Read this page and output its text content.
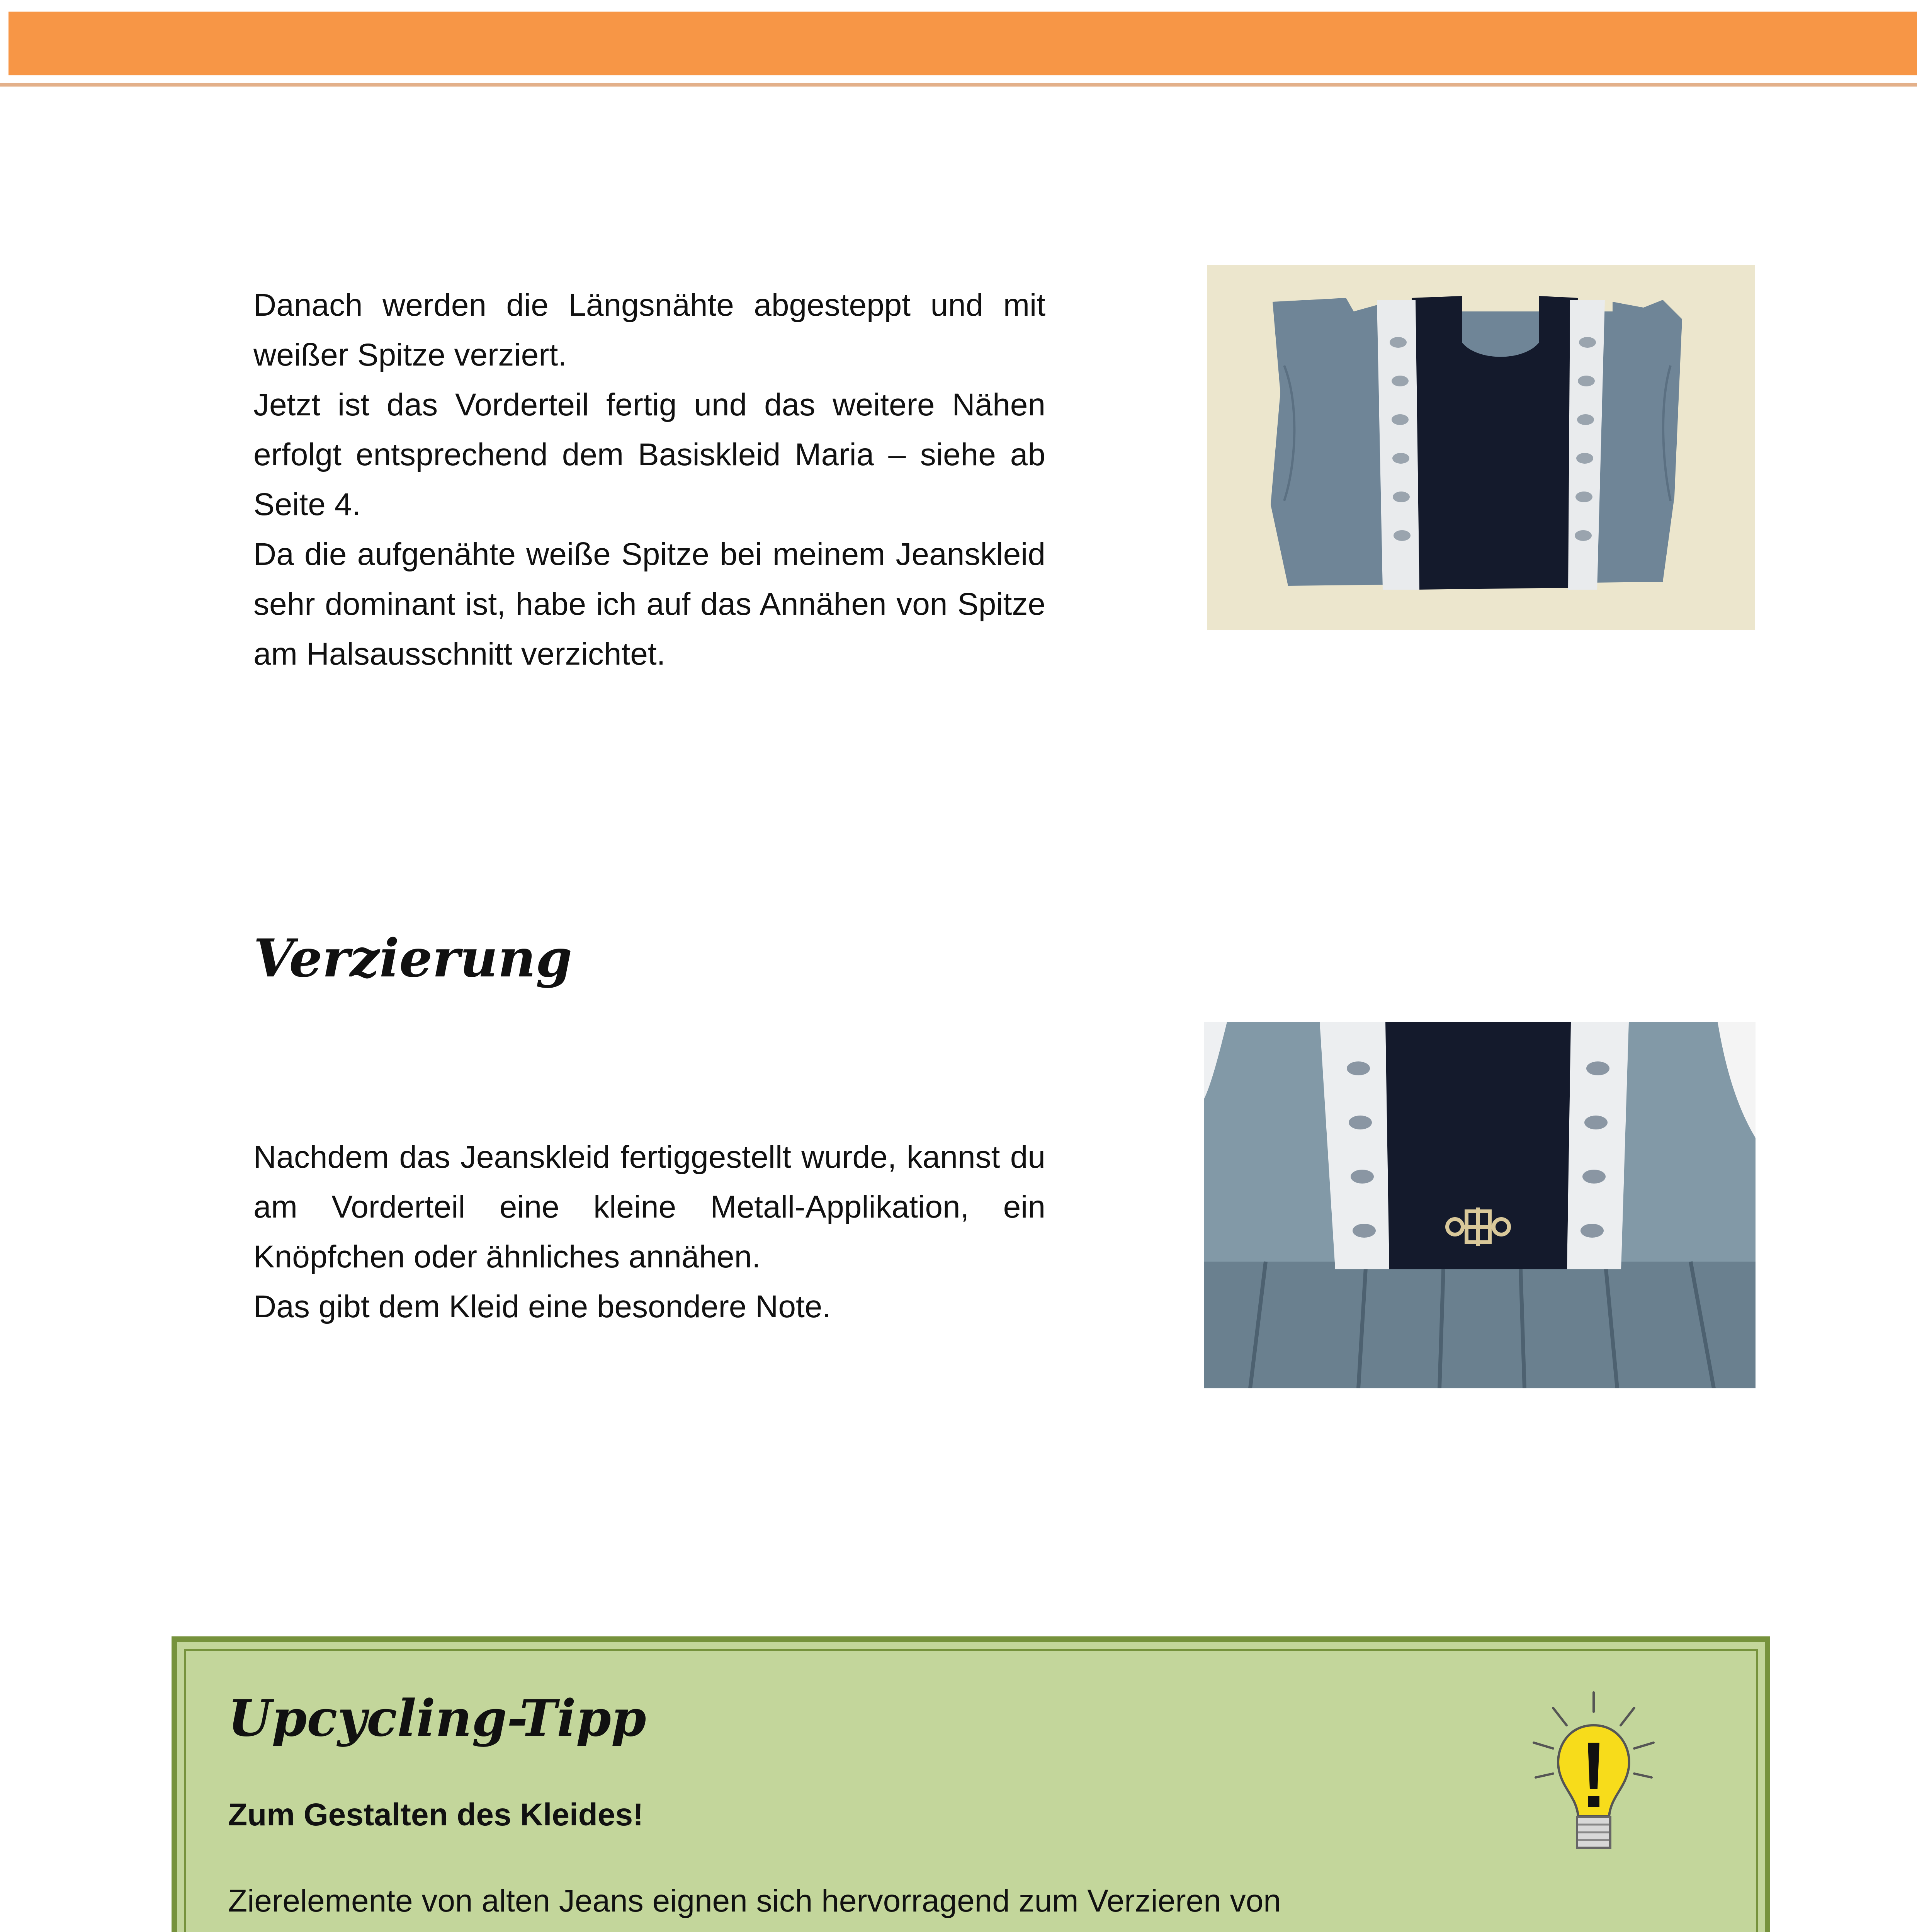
Danach werden die Längsnähte abgesteppt und mit weißer Spitze verziert.

Jetzt ist das Vorderteil fertig und das weitere Nähen erfolgt entsprechend dem Basiskleid Maria – siehe ab Seite 4.

Da die aufgenähte weiße Spitze bei meinem Jeanskleid sehr dominant ist, habe ich auf das Annähen von Spitze am Halsausschnitt verzichtet.

Verzierung

Nachdem das Jeanskleid fertiggestellt wurde, kannst du am Vorderteil eine kleine Metall-Applikation, ein Knöpfchen oder ähnliches annähen.

Das gibt dem Kleid eine besondere Note.

Upcycling-Tipp
Zum Gestalten des Kleides!

Zierelemente von alten Jeans eignen sich hervorragend zum Verzieren von
